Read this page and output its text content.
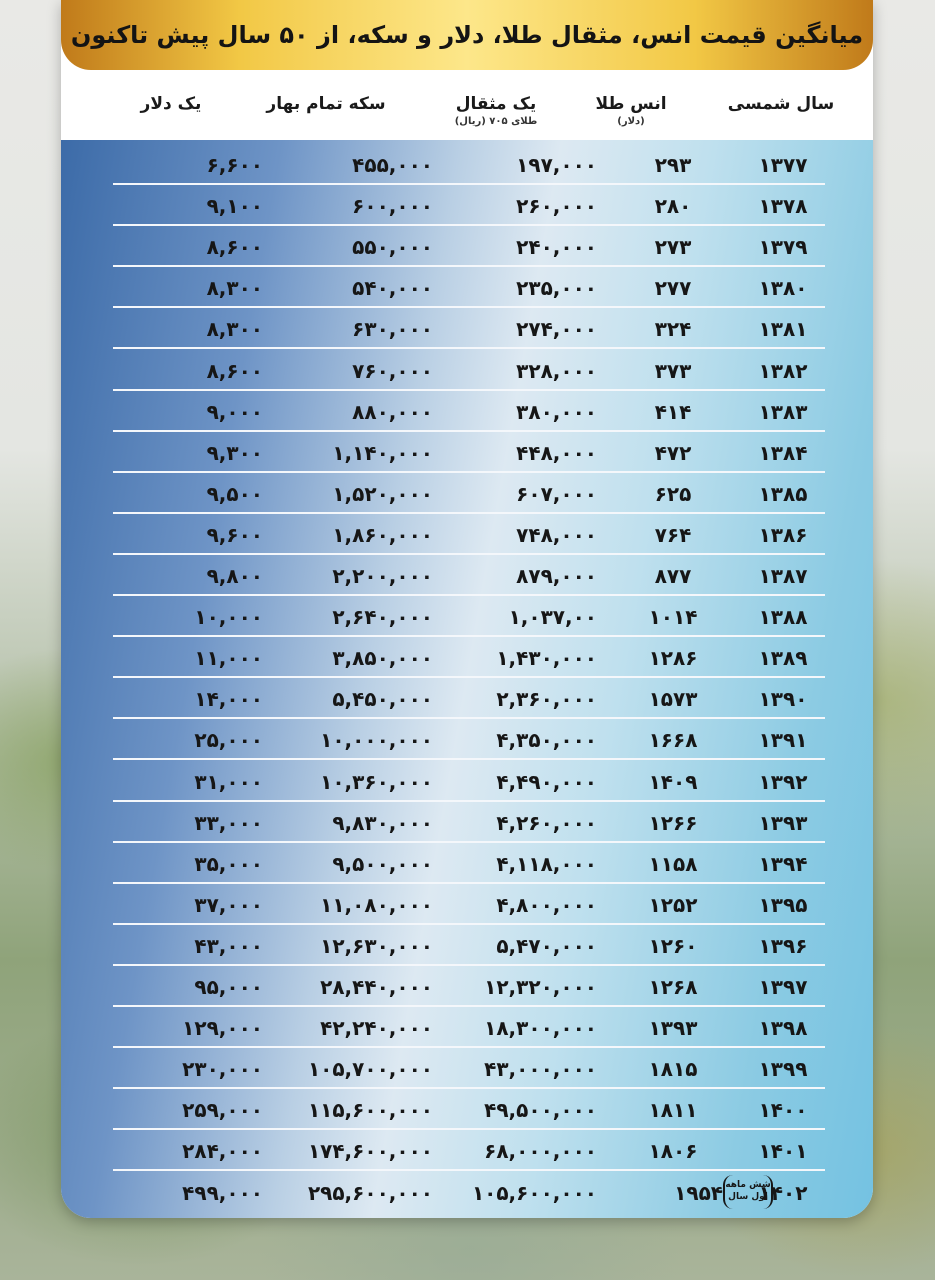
میانگین قیمت انس، مثقال طلا، دلار و سکه، از ۵۰ سال پیش تاکنون
سال شمسی
انس طلا
(دلار)
یک مثقال
طلای ۷۰۵ (ریال)
سکه تمام بهار
یک دلار
۱۳۷۷
۲۹۳
۱۹۷,۰۰۰
۴۵۵,۰۰۰
۶,۶۰۰
۱۳۷۸
۲۸۰
۲۶۰,۰۰۰
۶۰۰,۰۰۰
۹,۱۰۰
۱۳۷۹
۲۷۳
۲۴۰,۰۰۰
۵۵۰,۰۰۰
۸,۶۰۰
۱۳۸۰
۲۷۷
۲۳۵,۰۰۰
۵۴۰,۰۰۰
۸,۳۰۰
۱۳۸۱
۳۲۴
۲۷۴,۰۰۰
۶۳۰,۰۰۰
۸,۳۰۰
۱۳۸۲
۳۷۳
۳۲۸,۰۰۰
۷۶۰,۰۰۰
۸,۶۰۰
۱۳۸۳
۴۱۴
۳۸۰,۰۰۰
۸۸۰,۰۰۰
۹,۰۰۰
۱۳۸۴
۴۷۲
۴۴۸,۰۰۰
۱,۱۴۰,۰۰۰
۹,۳۰۰
۱۳۸۵
۶۲۵
۶۰۷,۰۰۰
۱,۵۲۰,۰۰۰
۹,۵۰۰
۱۳۸۶
۷۶۴
۷۴۸,۰۰۰
۱,۸۶۰,۰۰۰
۹,۶۰۰
۱۳۸۷
۸۷۷
۸۷۹,۰۰۰
۲,۲۰۰,۰۰۰
۹,۸۰۰
۱۳۸۸
۱۰۱۴
۱,۰۳۷,۰۰
۲,۶۴۰,۰۰۰
۱۰,۰۰۰
۱۳۸۹
۱۲۸۶
۱,۴۳۰,۰۰۰
۳,۸۵۰,۰۰۰
۱۱,۰۰۰
۱۳۹۰
۱۵۷۳
۲,۳۶۰,۰۰۰
۵,۴۵۰,۰۰۰
۱۴,۰۰۰
۱۳۹۱
۱۶۶۸
۴,۳۵۰,۰۰۰
۱۰,۰۰۰,۰۰۰
۲۵,۰۰۰
۱۳۹۲
۱۴۰۹
۴,۴۹۰,۰۰۰
۱۰,۳۶۰,۰۰۰
۳۱,۰۰۰
۱۳۹۳
۱۲۶۶
۴,۲۶۰,۰۰۰
۹,۸۳۰,۰۰۰
۳۳,۰۰۰
۱۳۹۴
۱۱۵۸
۴,۱۱۸,۰۰۰
۹,۵۰۰,۰۰۰
۳۵,۰۰۰
۱۳۹۵
۱۲۵۲
۴,۸۰۰,۰۰۰
۱۱,۰۸۰,۰۰۰
۳۷,۰۰۰
۱۳۹۶
۱۲۶۰
۵,۴۷۰,۰۰۰
۱۲,۶۳۰,۰۰۰
۴۳,۰۰۰
۱۳۹۷
۱۲۶۸
۱۲,۳۲۰,۰۰۰
۲۸,۴۴۰,۰۰۰
۹۵,۰۰۰
۱۳۹۸
۱۳۹۳
۱۸,۳۰۰,۰۰۰
۴۲,۲۴۰,۰۰۰
۱۲۹,۰۰۰
۱۳۹۹
۱۸۱۵
۴۳,۰۰۰,۰۰۰
۱۰۵,۷۰۰,۰۰۰
۲۳۰,۰۰۰
۱۴۰۰
۱۸۱۱
۴۹,۵۰۰,۰۰۰
۱۱۵,۶۰۰,۰۰۰
۲۵۹,۰۰۰
۱۴۰۱
۱۸۰۶
۶۸,۰۰۰,۰۰۰
۱۷۴,۶۰۰,۰۰۰
۲۸۴,۰۰۰
۱۴۰۲
۱۹۵۴
۱۰۵,۶۰۰,۰۰۰
۲۹۵,۶۰۰,۰۰۰
۴۹۹,۰۰۰	شش ماهه اول سال
